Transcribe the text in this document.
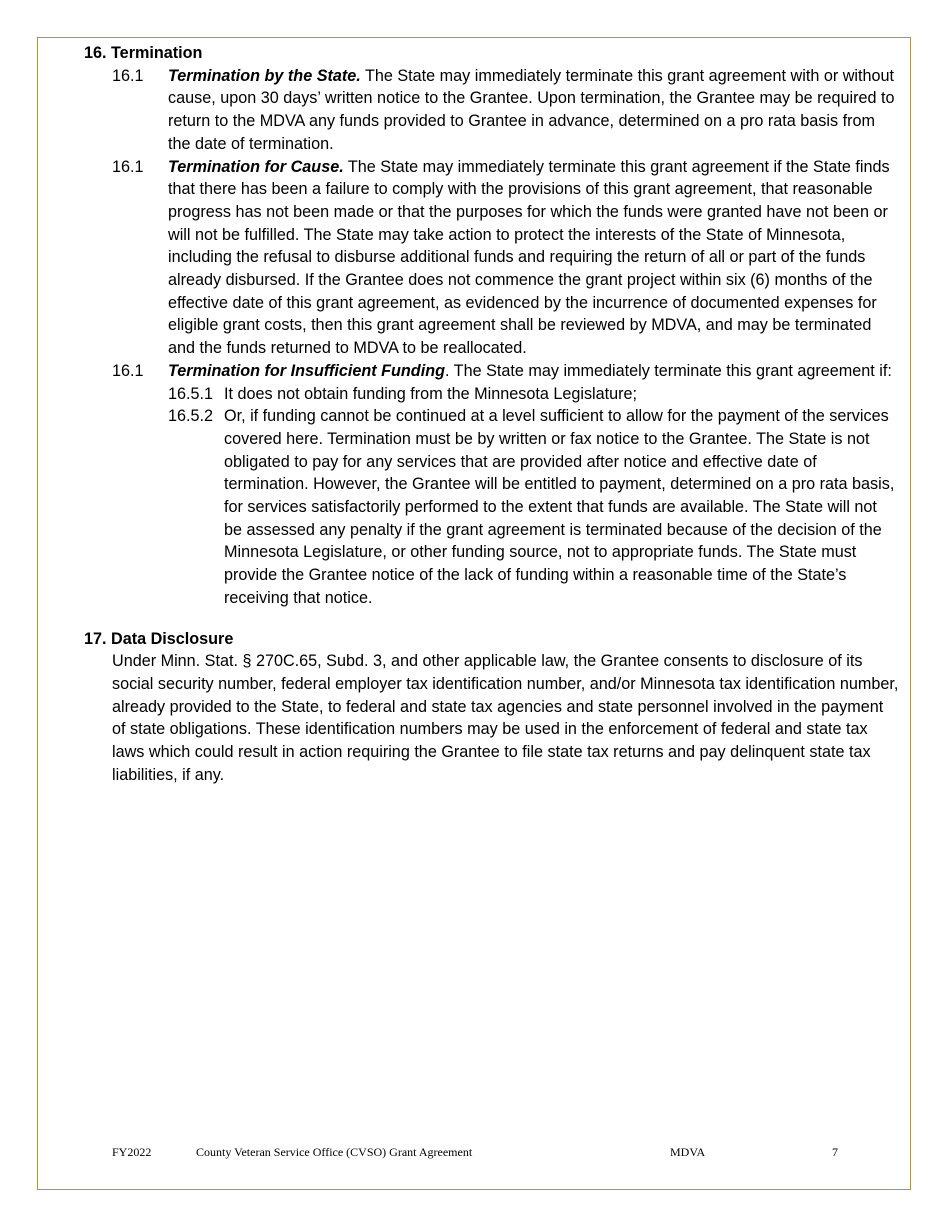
16. Termination
16.1 Termination by the State. The State may immediately terminate this grant agreement with or without cause, upon 30 days’ written notice to the Grantee. Upon termination, the Grantee may be required to return to the MDVA any funds provided to Grantee in advance, determined on a pro rata basis from the date of termination.
16.1 Termination for Cause. The State may immediately terminate this grant agreement if the State finds that there has been a failure to comply with the provisions of this grant agreement, that reasonable progress has not been made or that the purposes for which the funds were granted have not been or will not be fulfilled. The State may take action to protect the interests of the State of Minnesota, including the refusal to disburse additional funds and requiring the return of all or part of the funds already disbursed. If the Grantee does not commence the grant project within six (6) months of the effective date of this grant agreement, as evidenced by the incurrence of documented expenses for eligible grant costs, then this grant agreement shall be reviewed by MDVA, and may be terminated and the funds returned to MDVA to be reallocated.
16.1 Termination for Insufficient Funding. The State may immediately terminate this grant agreement if:
16.5.1 It does not obtain funding from the Minnesota Legislature;
16.5.2 Or, if funding cannot be continued at a level sufficient to allow for the payment of the services covered here. Termination must be by written or fax notice to the Grantee. The State is not obligated to pay for any services that are provided after notice and effective date of termination. However, the Grantee will be entitled to payment, determined on a pro rata basis, for services satisfactorily performed to the extent that funds are available. The State will not be assessed any penalty if the grant agreement is terminated because of the decision of the Minnesota Legislature, or other funding source, not to appropriate funds. The State must provide the Grantee notice of the lack of funding within a reasonable time of the State’s receiving that notice.
17. Data Disclosure
Under Minn. Stat. § 270C.65, Subd. 3, and other applicable law, the Grantee consents to disclosure of its social security number, federal employer tax identification number, and/or Minnesota tax identification number, already provided to the State, to federal and state tax agencies and state personnel involved in the payment of state obligations. These identification numbers may be used in the enforcement of federal and state tax laws which could result in action requiring the Grantee to file state tax returns and pay delinquent state tax liabilities, if any.
FY2022	County Veteran Service Office (CVSO) Grant Agreement	MDVA	7
